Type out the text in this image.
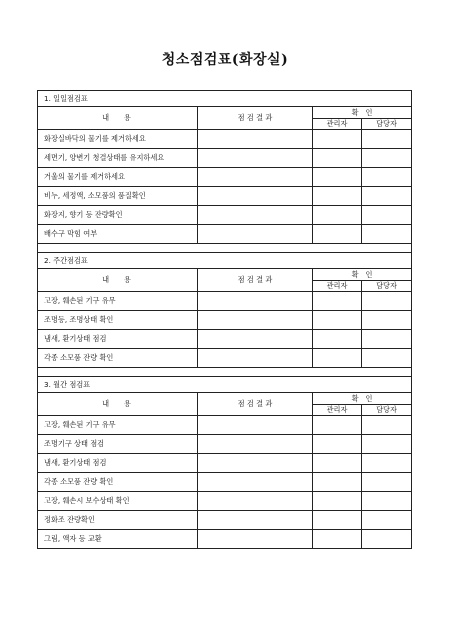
청소점검표(화장실)
1. 일일점검표			
내   용	점 검 결 과	확   인	
		관리자	담당자
화장실바닥의 물기를 제거하세요			
세면기, 양변기 청결상태를 유지하세요			
거울의 물기를 제거하세요			
비누, 세정액, 소모품의 품질확인			
화장지, 향기 등 잔량확인			
배수구 막힘 여부			

2. 주간점검표			
내   용	점 검 결 과	확   인	
		관리자	담당자
고장, 훼손된 기구 유무			
조명등, 조명상태 확인			
냄새, 환기상태 점검			
각종 소모품 잔량 확인			

3. 월간 점검표			
내   용	점 검 결 과	확   인	
		관리자	담당자
고장, 훼손된 기구 유무			
조명기구 상태 점검			
냄새, 환기상태 점검			
각종 소모품 잔량 확인			
고장, 훼손시 보수상태 확인			
정화조 잔량확인			
그림, 액자 등 교환			
